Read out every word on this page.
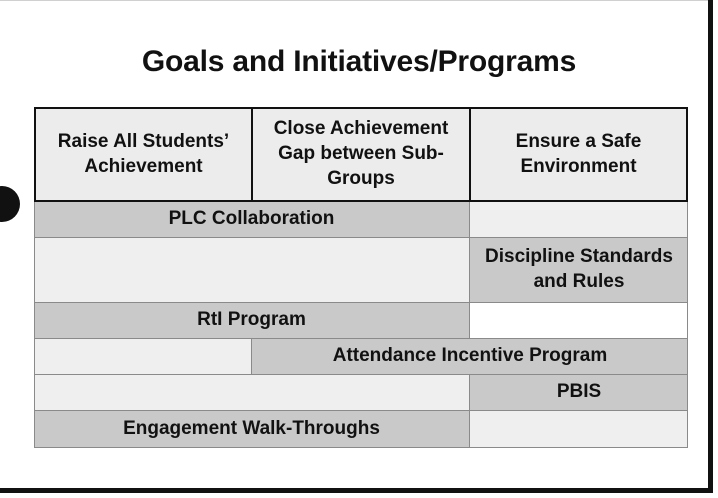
Goals and Initiatives/Programs
Raise All Students’ Achievement
Close Achievement Gap between Sub-Groups
Ensure a Safe Environment
PLC Collaboration
Discipline Standards and Rules
RtI Program
Attendance Incentive Program
PBIS
Engagement Walk-Throughs
